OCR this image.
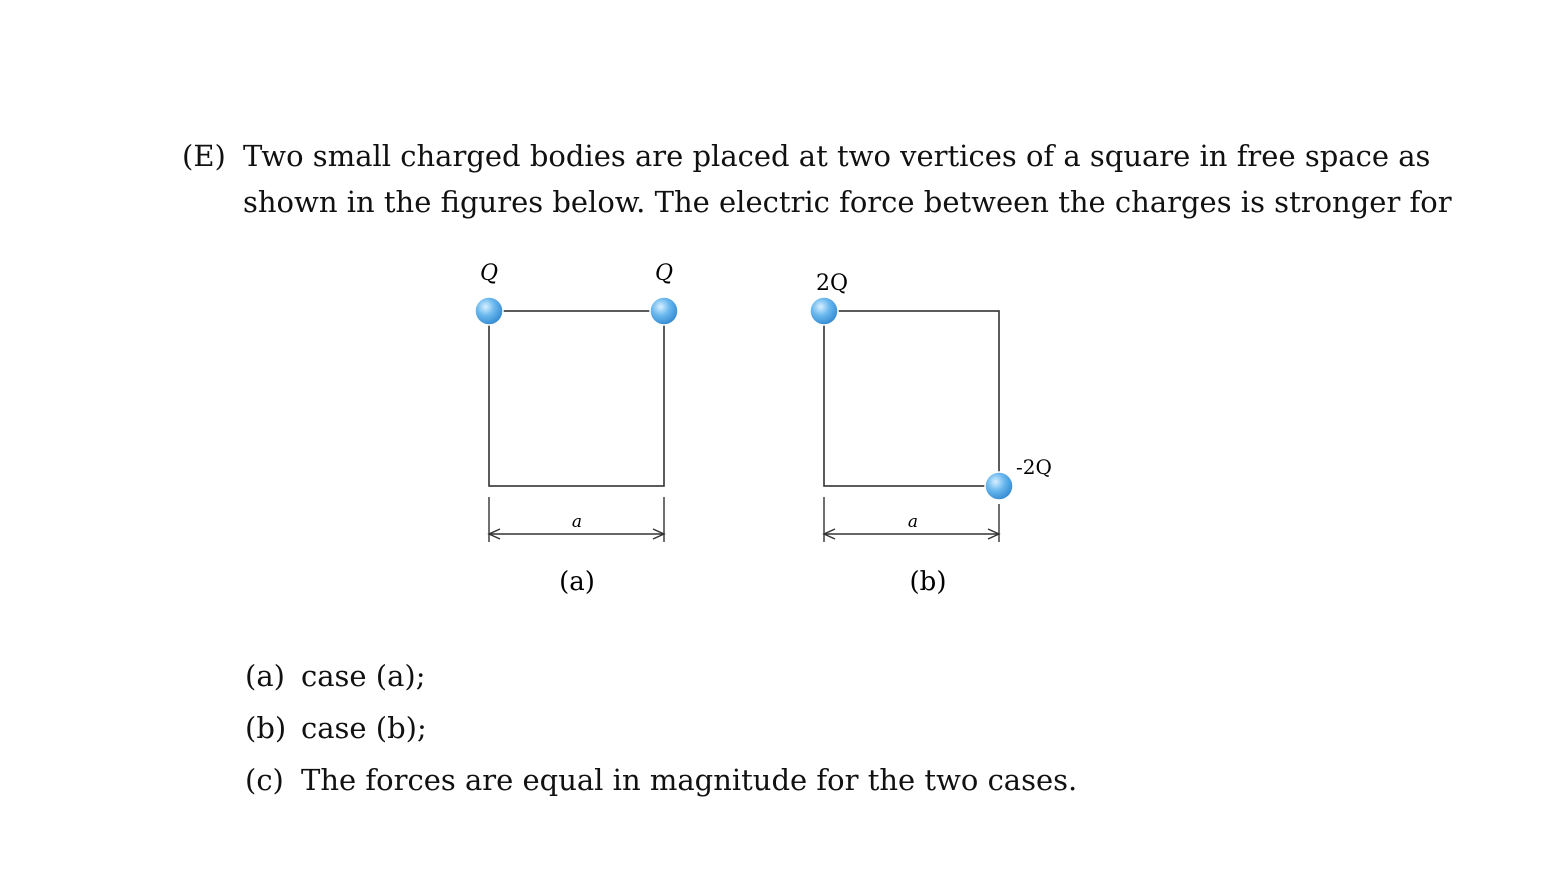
(E) Two small charged bodies are placed at two vertices of a square in free space as shown in the figures below. The electric force between the charges is stronger for
Q	Q
a
(a)
2Q
-2Q
a
(b)
(a) case (a);
(b) case (b);
(c) The forces are equal in magnitude for the two cases.
